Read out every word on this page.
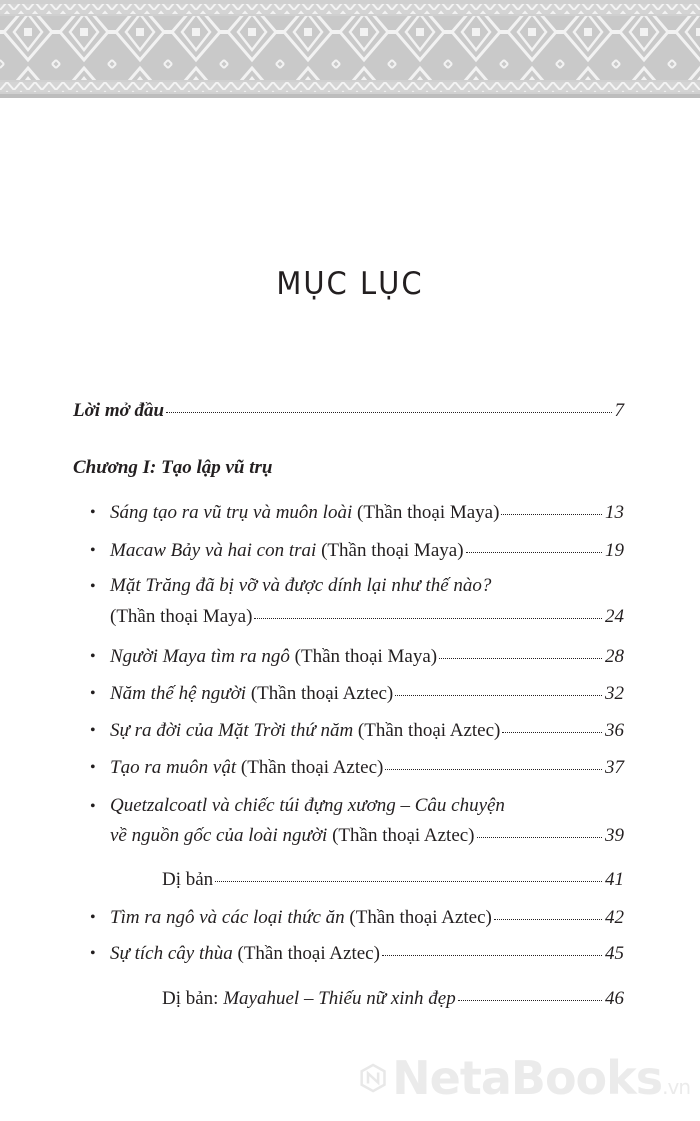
MỤC LỤC
Lời mở đầu	7
Chương I: Tạo lập vũ trụ
• Sáng tạo ra vũ trụ và muôn loài (Thần thoại Maya)	13
• Macaw Bảy và hai con trai (Thần thoại Maya)	19
• Mặt Trăng đã bị vỡ và được dính lại như thế nào?
(Thần thoại Maya)	24
• Người Maya tìm ra ngô (Thần thoại Maya)	28
• Năm thế hệ người (Thần thoại Aztec)	32
• Sự ra đời của Mặt Trời thứ năm (Thần thoại Aztec)	36
• Tạo ra muôn vật (Thần thoại Aztec)	37
• Quetzalcoatl và chiếc túi đựng xương – Câu chuyện
về nguồn gốc của loài người (Thần thoại Aztec)	39
Dị bản	41
• Tìm ra ngô và các loại thức ăn (Thần thoại Aztec)	42
• Sự tích cây thùa (Thần thoại Aztec)	45
Dị bản: Mayahuel – Thiếu nữ xinh đẹp	46
NetaBooks.vn
